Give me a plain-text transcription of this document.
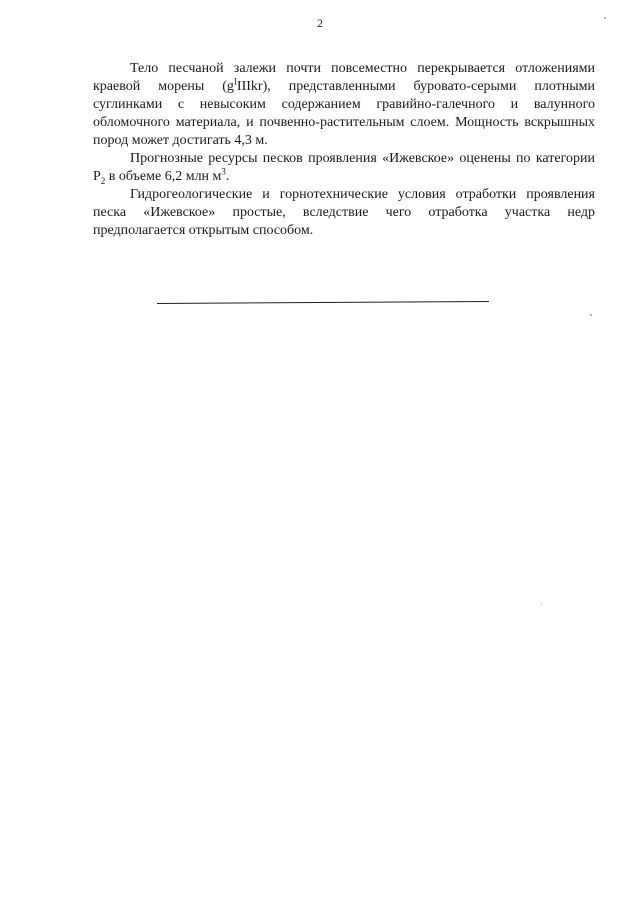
2

Тело песчаной залежи почти повсеместно перекрывается отложениями краевой морены $(g^IIIIkr)$, представленными буровато-серыми плотными суглинками с невысоким содержанием гравийно-галечного и валунного обломочного материала, и почвенно-растительным слоем. Мощность вскрышных пород может достигать 4,3 м.

Прогнозные ресурсы песков проявления «Ижевское» оценены по категории $Р_2$ в объеме 6,2 млн $м^3$.

Гидрогеологические и горнотехнические условия отработки проявления песка «Ижевское» простые, вследствие чего отработка участка недр предполагается открытым способом.
